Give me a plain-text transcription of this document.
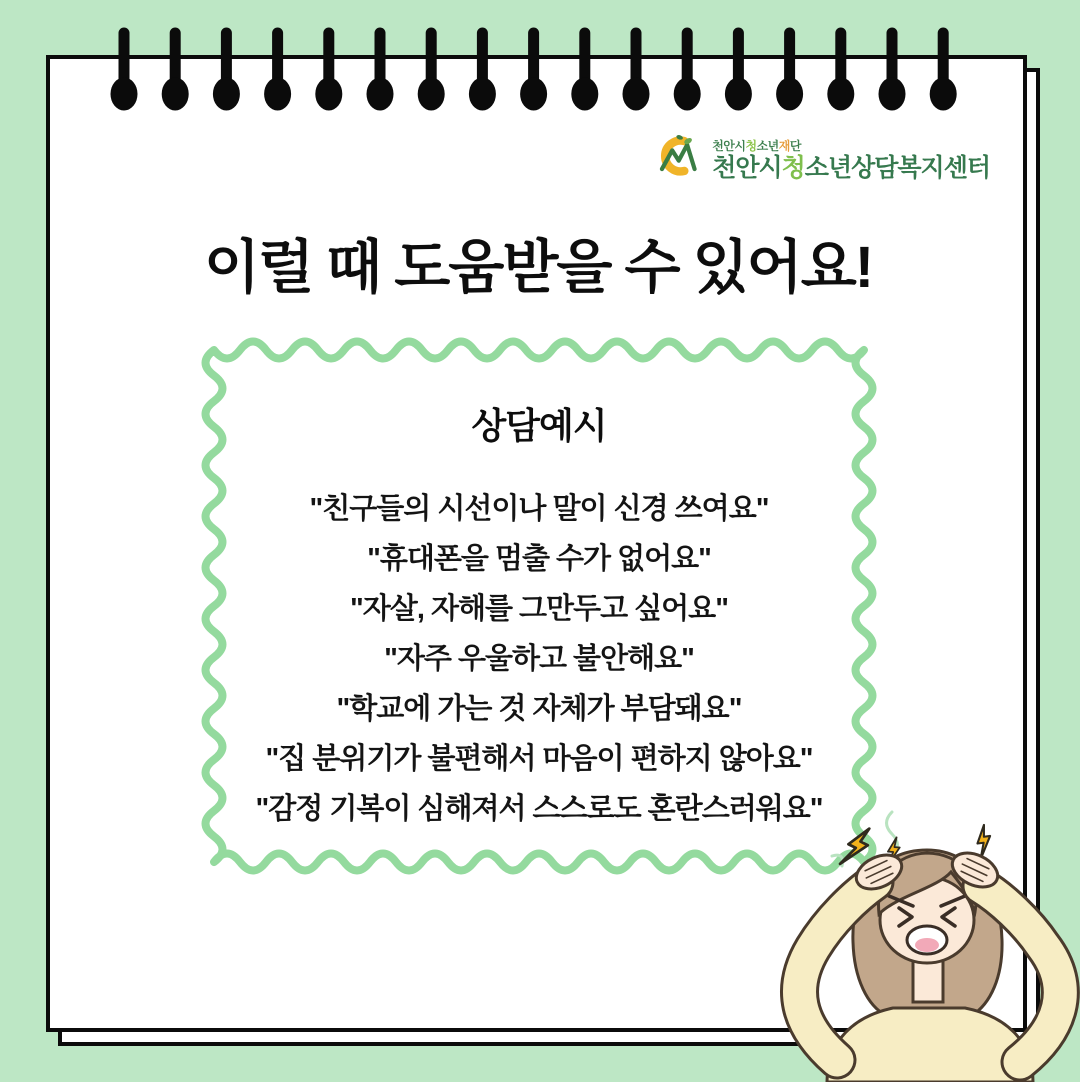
천안시청소년재단
천안시청소년상담복지센터
이럴 때 도움받을 수 있어요!
상담예시
"친구들의 시선이나 말이 신경 쓰여요"
"휴대폰을 멈출 수가 없어요"
"자살, 자해를 그만두고 싶어요"
"자주 우울하고 불안해요"
"학교에 가는 것 자체가 부담돼요"
"집 분위기가 불편해서 마음이 편하지 않아요"
"감정 기복이 심해져서 스스로도 혼란스러워요"
